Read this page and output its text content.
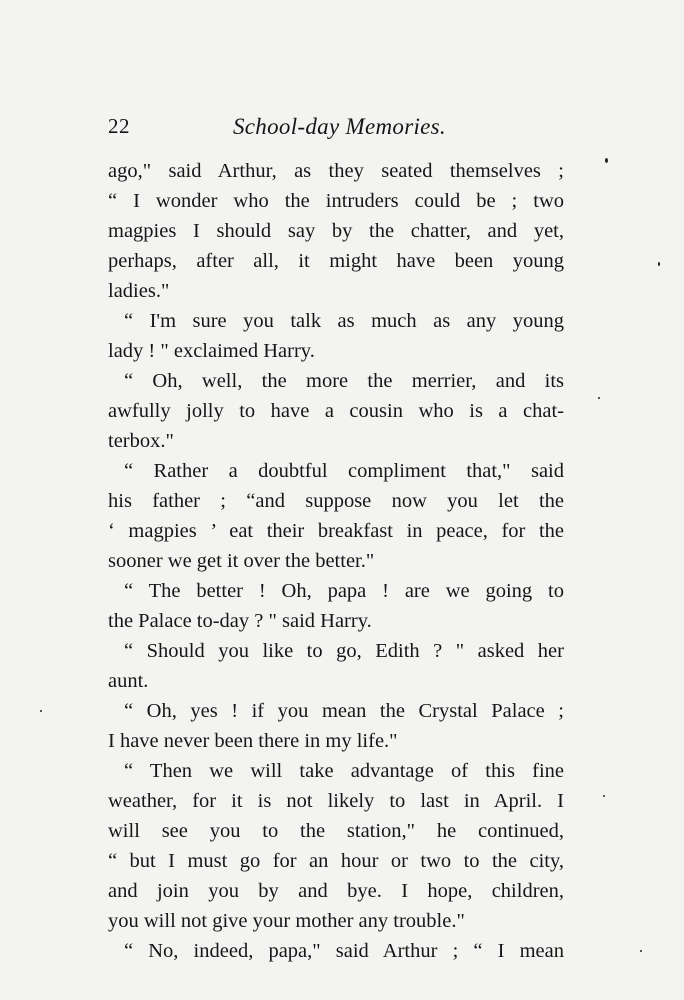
22	School-day Memories.
ago," said Arthur, as they seated themselves ;
“ I wonder who the intruders could be ; two
magpies I should say by the chatter, and yet,
perhaps, after all, it might have been young
ladies."
“ I'm sure you talk as much as any young
lady ! " exclaimed Harry.
“ Oh, well, the more the merrier, and its
awfully jolly to have a cousin who is a chat-
terbox."
“ Rather a doubtful compliment that," said
his father ; “and suppose now you let the
‘ magpies ’ eat their breakfast in peace, for the
sooner we get it over the better."
“ The better ! Oh, papa ! are we going to
the Palace to-day ? " said Harry.
“ Should you like to go, Edith ? " asked her
aunt.
“ Oh, yes ! if you mean the Crystal Palace ;
I have never been there in my life."
“ Then we will take advantage of this fine
weather, for it is not likely to last in April. I
will see you to the station," he continued,
“ but I must go for an hour or two to the city,
and join you by and bye. I hope, children,
you will not give your mother any trouble."
“ No, indeed, papa," said Arthur ; “ I mean
